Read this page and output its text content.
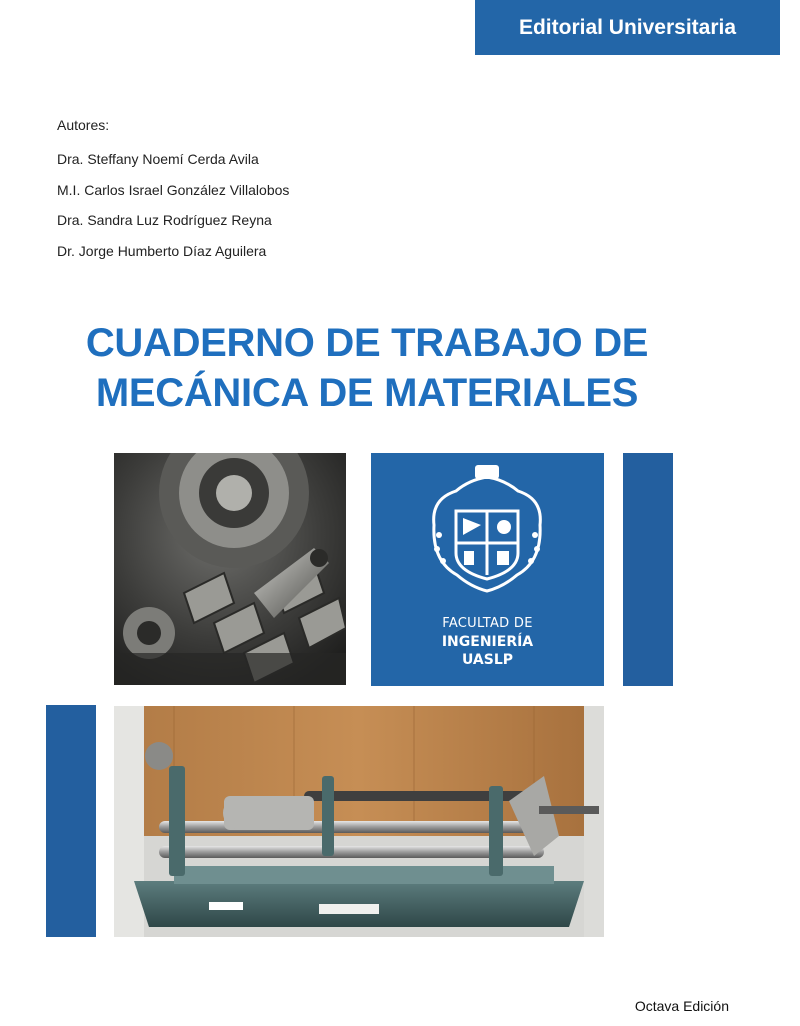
Editorial Universitaria
Autores:
Dra. Steffany Noemí Cerda Avila
M.I. Carlos Israel González Villalobos
Dra. Sandra Luz Rodríguez Reyna
Dr. Jorge Humberto Díaz Aguilera
CUADERNO DE TRABAJO DE
MECÁNICA DE MATERIALES
FACULTAD DE
INGENIERÍA
UASLP
Octava Edición
